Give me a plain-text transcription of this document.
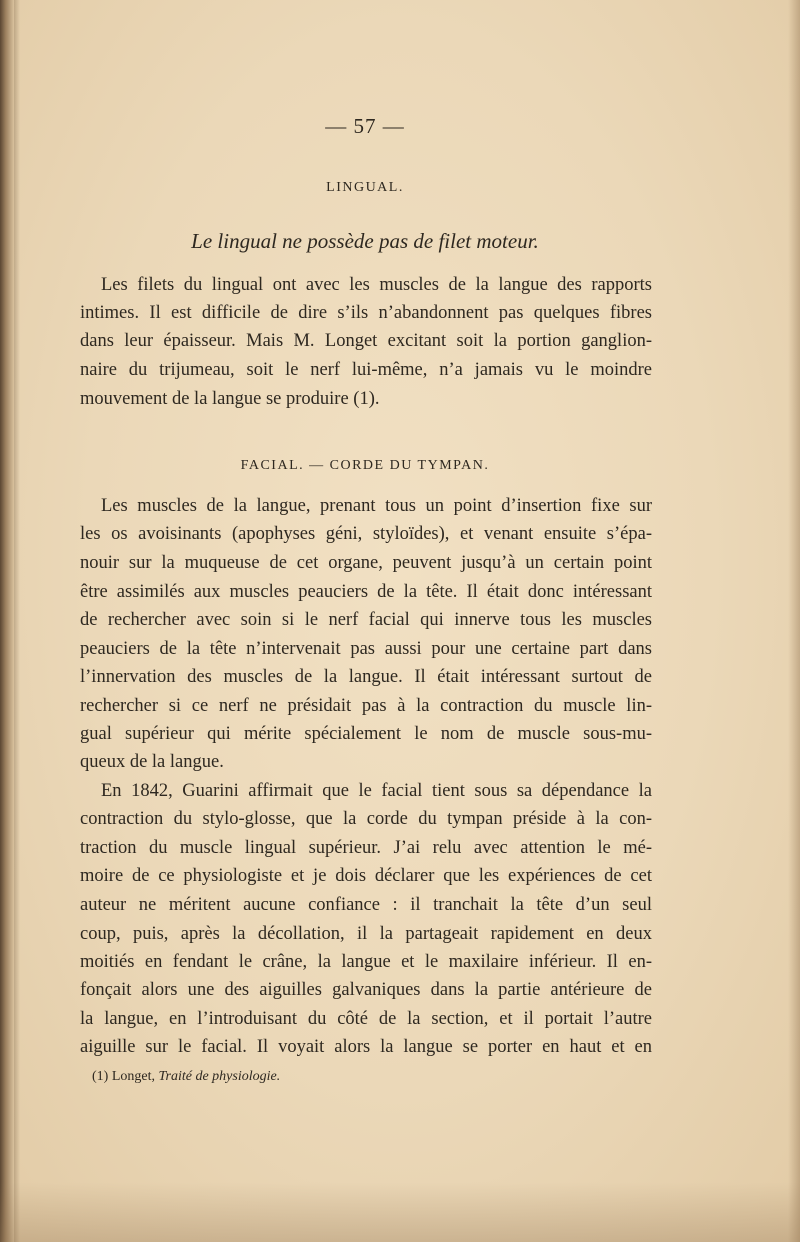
— 57 —
LINGUAL.
Le lingual ne possède pas de filet moteur.
Les filets du lingual ont avec les muscles de la langue des rapports
intimes. Il est difficile de dire s’ils n’abandonnent pas quelques fibres
dans leur épaisseur. Mais M. Longet excitant soit la portion ganglion-
naire du trijumeau, soit le nerf lui-même, n’a jamais vu le moindre
mouvement de la langue se produire (1).
FACIAL. — CORDE DU TYMPAN.
Les muscles de la langue, prenant tous un point d’insertion fixe sur
les os avoisinants (apophyses géni, styloïdes), et venant ensuite s’épa-
nouir sur la muqueuse de cet organe, peuvent jusqu’à un certain point
être assimilés aux muscles peauciers de la tête. Il était donc intéressant
de rechercher avec soin si le nerf facial qui innerve tous les muscles
peauciers de la tête n’intervenait pas aussi pour une certaine part dans
l’innervation des muscles de la langue. Il était intéressant surtout de
rechercher si ce nerf ne présidait pas à la contraction du muscle lin-
gual supérieur qui mérite spécialement le nom de muscle sous-mu-
queux de la langue.
En 1842, Guarini affirmait que le facial tient sous sa dépendance la
contraction du stylo-glosse, que la corde du tympan préside à la con-
traction du muscle lingual supérieur. J’ai relu avec attention le mé-
moire de ce physiologiste et je dois déclarer que les expériences de cet
auteur ne méritent aucune confiance : il tranchait la tête d’un seul
coup, puis, après la décollation, il la partageait rapidement en deux
moitiés en fendant le crâne, la langue et le maxilaire inférieur. Il en-
fonçait alors une des aiguilles galvaniques dans la partie antérieure de
la langue, en l’introduisant du côté de la section, et il portait l’autre
aiguille sur le facial. Il voyait alors la langue se porter en haut et en
(1) Longet, Traité de physiologie.
